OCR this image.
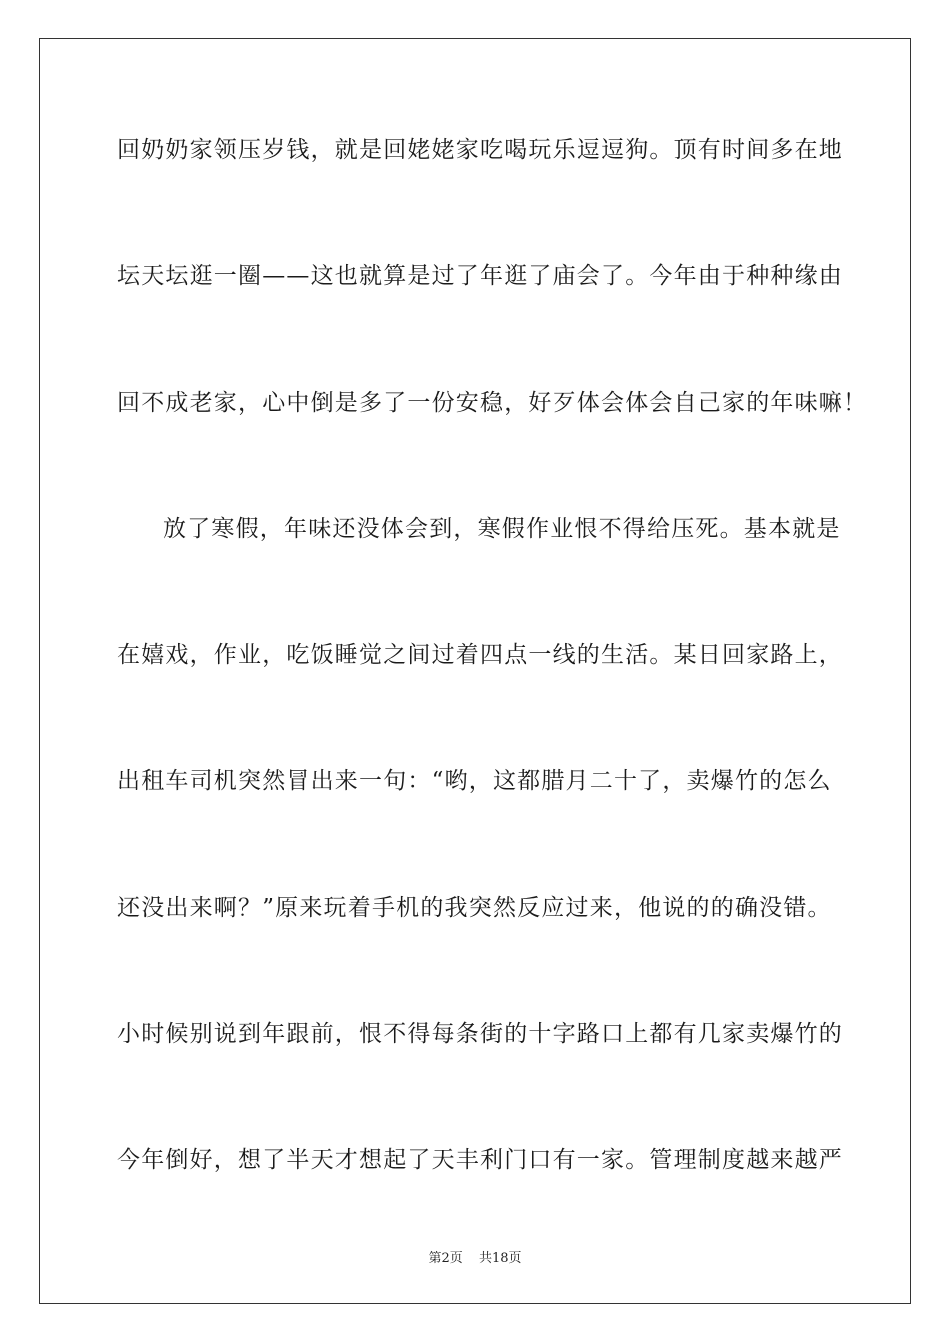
回奶奶家领压岁钱，就是回姥姥家吃喝玩乐逗逗狗。顶有时间多在地
坛天坛逛一圈——这也就算是过了年逛了庙会了。今年由于种种缘由
回不成老家，心中倒是多了一份安稳，好歹体会体会自己家的年味嘛！
放了寒假，年味还没体会到，寒假作业恨不得给压死。基本就是
在嬉戏，作业，吃饭睡觉之间过着四点一线的生活。某日回家路上，
出租车司机突然冒出来一句：“哟，这都腊月二十了，卖爆竹的怎么
还没出来啊？”原来玩着手机的我突然反应过来，他说的的确没错。
小时候别说到年跟前，恨不得每条街的十字路口上都有几家卖爆竹的
今年倒好，想了半天才想起了天丰利门口有一家。管理制度越来越严
第2页 共18页
